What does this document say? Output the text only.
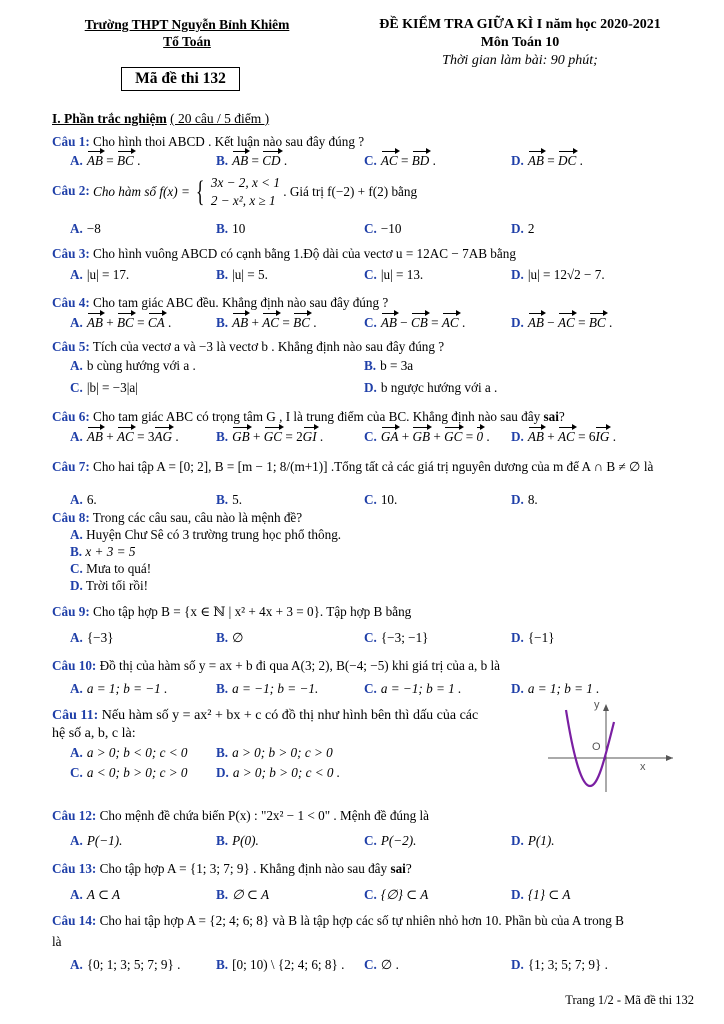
Trường THPT Nguyễn Bỉnh Khiêm
Tổ Toán
ĐỀ KIỂM TRA GIỮA KÌ I năm học 2020-2021
Môn Toán 10
Thời gian làm bài: 90 phút;
Mã đề thi 132
I. Phần trắc nghiệm ( 20 câu / 5 điểm )
Câu 1: Cho hình thoi ABCD . Kết luận nào sau đây đúng ?
A. AB = BC .	B. AB = CD .	C. AC = BD .	D. AB = DC .
Câu 2: Cho hàm số f(x) = { 3x − 2, x < 1
2 − x², x ≥ 1
. Giá trị f(−2) + f(2) bằng
A. −8	B. 10	C. −10	D. 2
Câu 3: Cho hình vuông ABCD có cạnh bằng 1.Độ dài của vectơ u = 12AC − 7AB bằng
A. |u| = 17.	B. |u| = 5.	C. |u| = 13.	D. |u| = 12√2 − 7.
Câu 4: Cho tam giác ABC đều. Khẳng định nào sau đây đúng ?
A. AB + BC = CA .	B. AB + AC = BC .	C. AB − CB = AC .	D. AB − AC = BC .
Câu 5: Tích của vectơ a và −3 là vectơ b . Khẳng định nào sau đây đúng ?
A. b cùng hướng với a .	B. b = 3a
C. |b| = −3|a|	D. b ngược hướng với a .
Câu 6: Cho tam giác ABC có trọng tâm G , I là trung điểm của BC. Khẳng định nào sau đây sai?
A. AB + AC = 3AG .	B. GB + GC = 2GI .	C. GA + GB + GC = 0 . D. AB + AC = 6IG .
Câu 7: Cho hai tập A = [0; 2], B = [m − 1; 8/(m+1)] .Tổng tất cả các giá trị nguyên dương của m để A ∩ B ≠ ∅ là
A. 6.	B. 5.	C. 10.	D. 8.
Câu 8: Trong các câu sau, câu nào là mệnh đề?
A. Huyện Chư Sê có 3 trường trung học phổ thông.
B. x + 3 = 5
C. Mưa to quá!
D. Trời tối rồi!
Câu 9: Cho tập hợp B = {x ∈ ℕ | x² + 4x + 3 = 0}. Tập hợp B bằng
A. {−3}	B. ∅	C. {−3; −1}	D. {−1}
Câu 10: Đồ thị của hàm số y = ax + b đi qua A(3; 2), B(−4; −5) khi giá trị của a, b là
A. a = 1; b = −1 .	B. a = −1; b = −1.	C. a = −1; b = 1 .	D. a = 1; b = 1 .
Câu 11: Nếu hàm số y = ax² + bx + c có đồ thị như hình bên thì dấu của các
hệ số a, b, c là:
A. a > 0; b < 0; c < 0 B. a > 0; b > 0; c > 0
C. a < 0; b > 0; c > 0 D. a > 0; b > 0; c < 0 .
y
x
O
Câu 12: Cho mệnh đề chứa biến P(x) : "2x² − 1 < 0" . Mệnh đề đúng là
A. P(−1).	B. P(0).	C. P(−2).	D. P(1).
Câu 13: Cho tập hợp A = {1; 3; 7; 9} . Khẳng định nào sau đây sai?
A. A ⊂ A	B. ∅ ⊂ A	C. {∅} ⊂ A	D. {1} ⊂ A
Câu 14: Cho hai tập hợp A = {2; 4; 6; 8} và B là tập hợp các số tự nhiên nhỏ hơn 10. Phần bù của A trong B
là
A. {0; 1; 3; 5; 7; 9} .	B. [0; 10) \ {2; 4; 6; 8} . C. ∅ .	D. {1; 3; 5; 7; 9} .
Trang 1/2 - Mã đề thi 132
